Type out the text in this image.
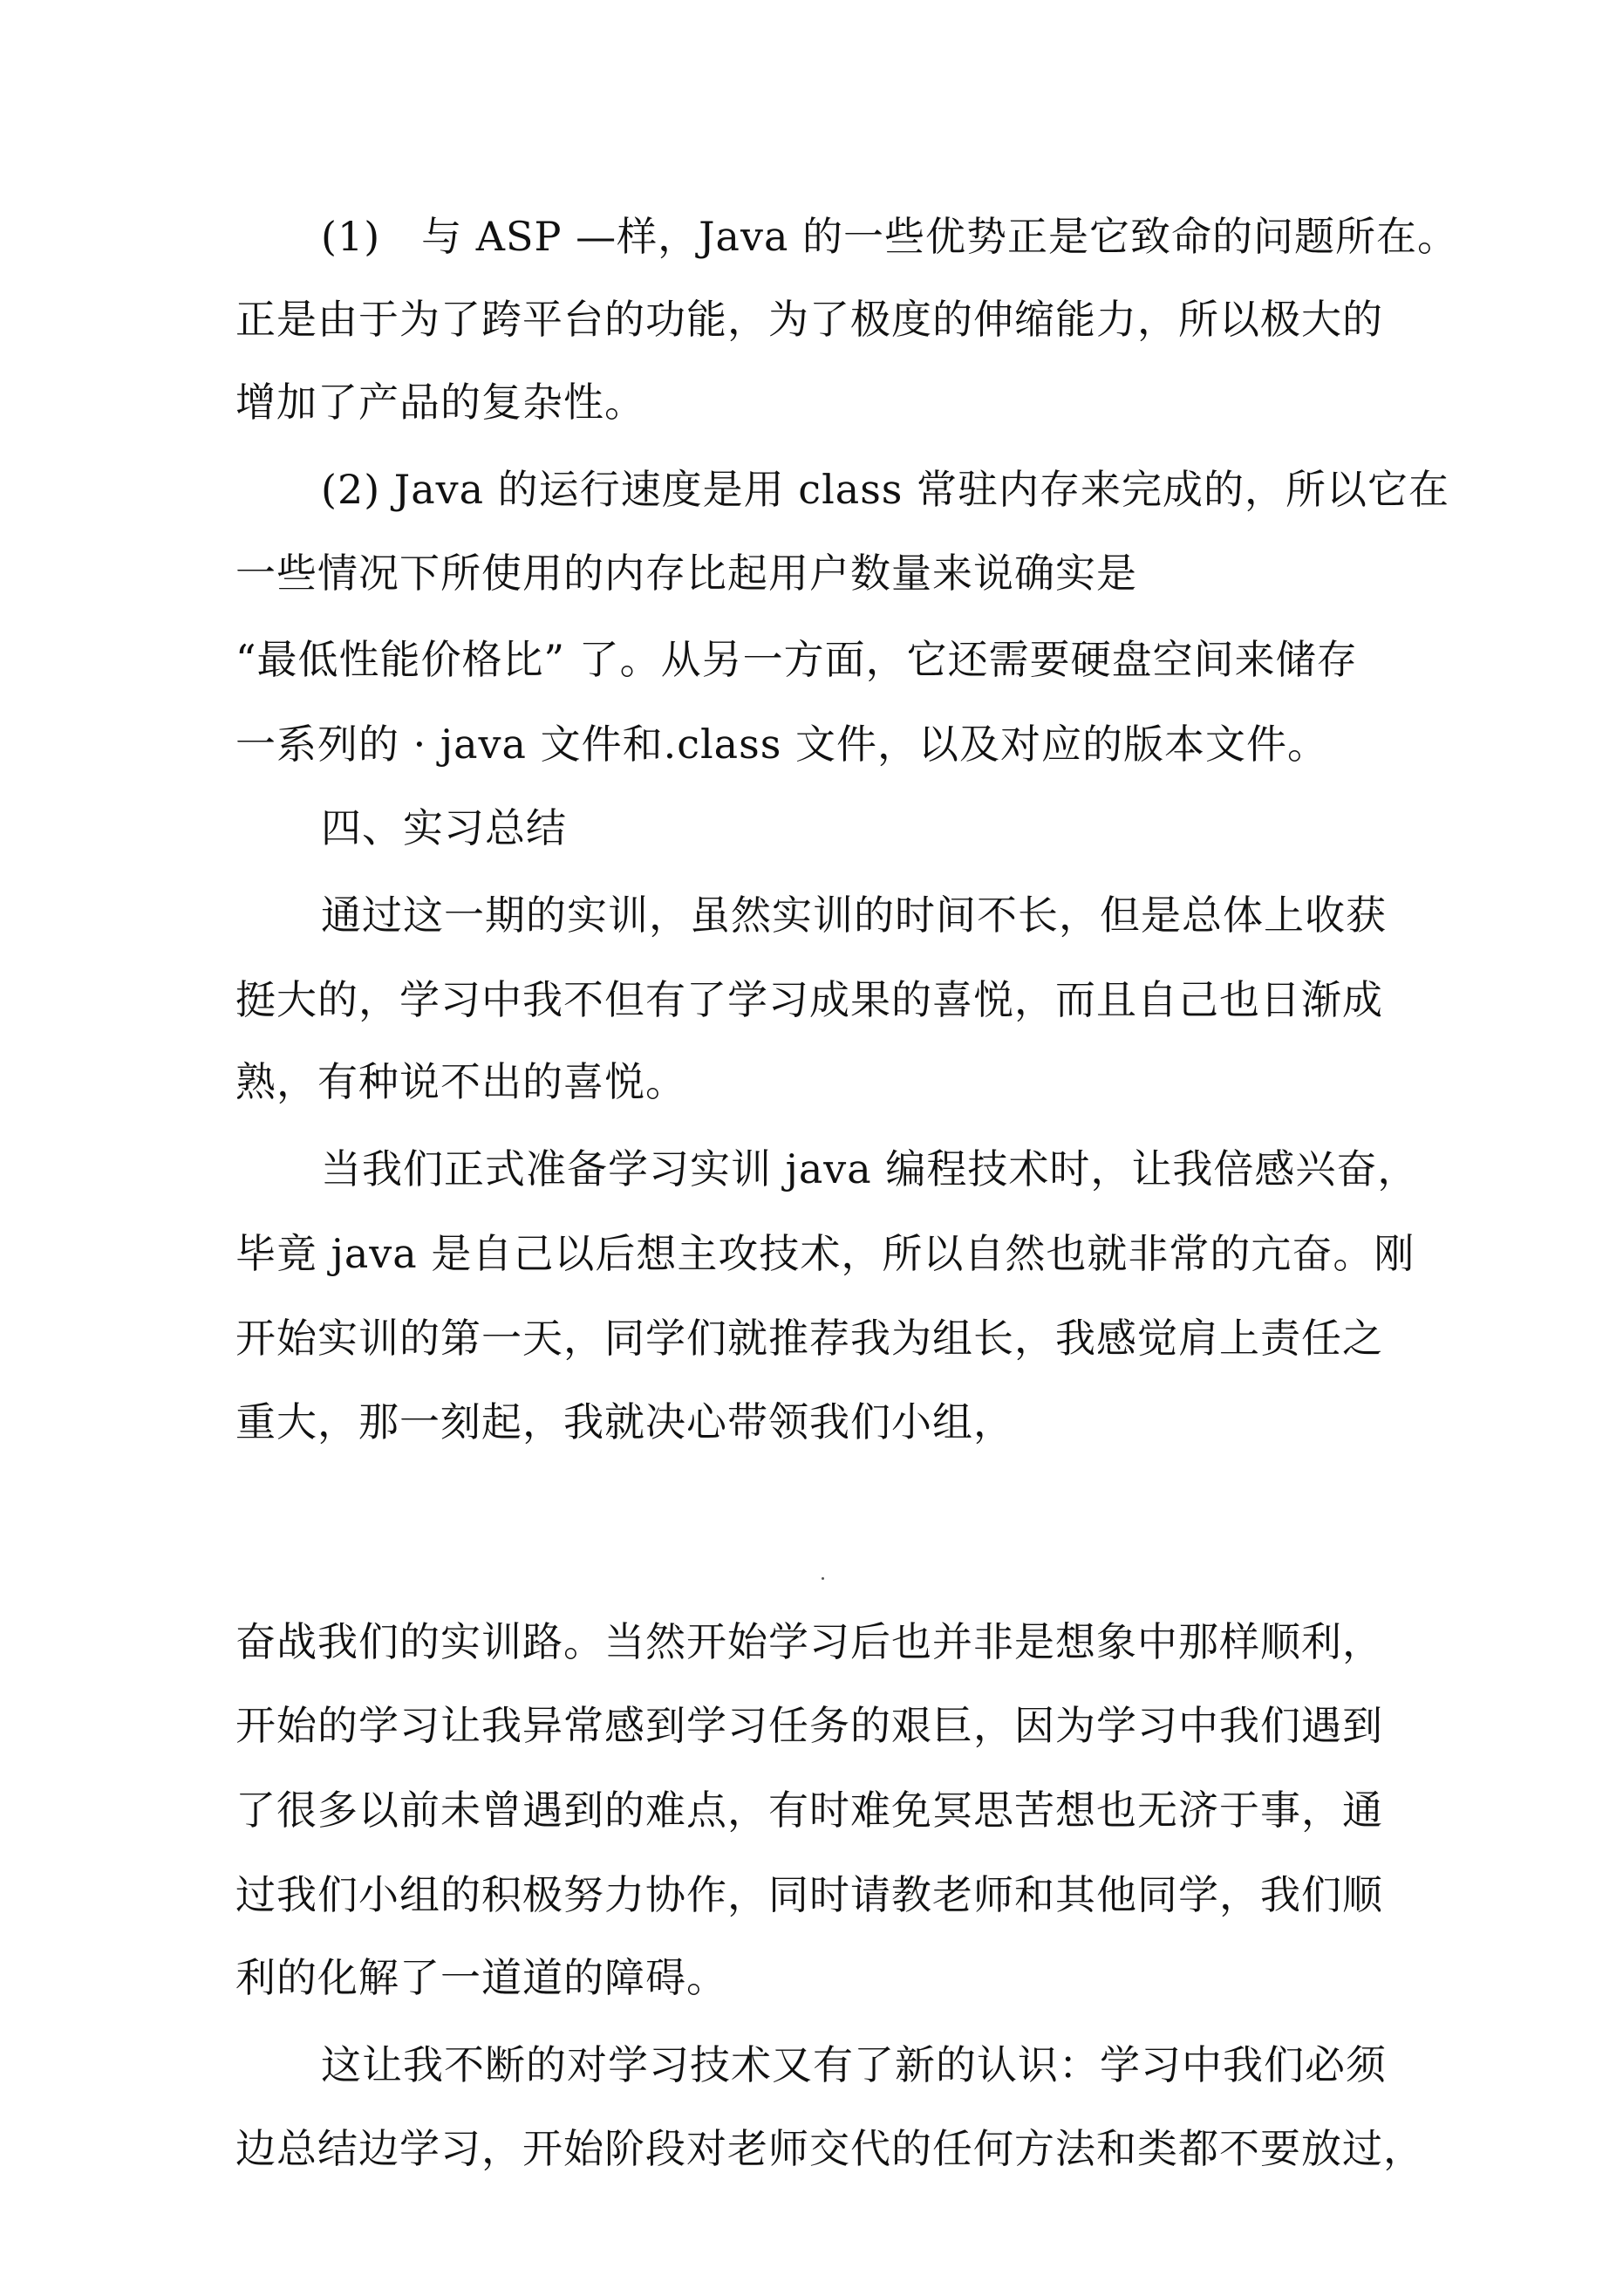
(1)　与 ASP —样，Java 的一些优势正是它致命的问题所在。
正是由于为了跨平台的功能，为了极度的伸缩能力，所以极大的
增加了产品的复杂性。
(2) Java 的运行速度是用 class 常驻内存来完成的，所以它在
一些情况下所使用的内存比起用户数量来说确实是
“最低性能价格比” 了。从另一方面，它还需要硬盘空间来储存
一系列的 · java 文件和.class 文件，以及对应的版本文件。
四、实习总结
通过这一期的实训，虽然实训的时间不长，但是总体上收获
挺大的，学习中我不但有了学习成果的喜悦，而且自己也日渐成
熟，有种说不出的喜悦。
当我们正式准备学习实训 java 编程技术时，让我倍感兴奋，
毕竟 java 是自己以后想主攻技术，所以自然也就非常的亢奋。刚
开始实训的第一天，同学们就推荐我为组长，我感觉肩上责任之
重大，那一刻起，我就决心带领我们小组，
奋战我们的实训路。当然开始学习后也并非是想象中那样顺利，
开始的学习让我异常感到学习任务的艰巨，因为学习中我们遇到
了很多以前未曾遇到的难点，有时难免冥思苦想也无济于事，通
过我们小组的积极努力协作，同时请教老师和其他同学，我们顺
利的化解了一道道的障碍。
这让我不断的对学习技术又有了新的认识：学习中我们必须
边总结边学习，开始阶段对老师交代的任何方法和类都不要放过，
